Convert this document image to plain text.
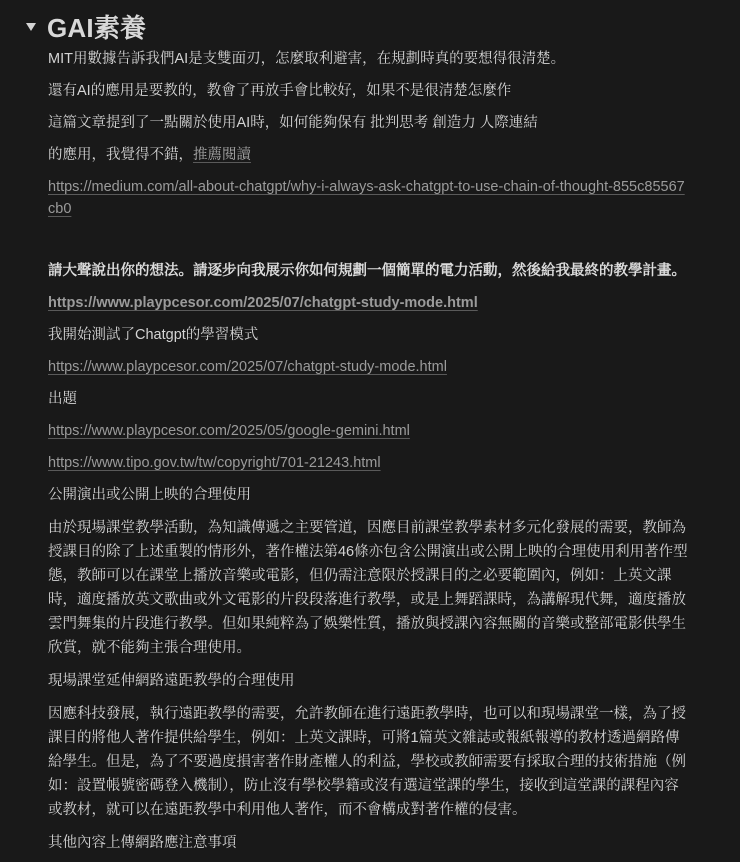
GAI素養
MIT用數據告訴我們AI是支雙面刃，怎麼取利避害，在規劃時真的要想得很清楚。
還有AI的應用是要教的，教會了再放手會比較好，如果不是很清楚怎麼作
這篇文章提到了一點關於使用AI時，如何能夠保有 批判思考 創造力 人際連結
的應用，我覺得不錯，推薦閱讀
https://medium.com/all-about-chatgpt/why-i-always-ask-chatgpt-to-use-chain-of-thought-855c85567cb0
請大聲說出你的想法。請逐步向我展示你如何規劃一個簡單的電力活動，然後給我最終的教學計畫。
https://www.playpcesor.com/2025/07/chatgpt-study-mode.html
我開始測試了Chatgpt的學習模式
https://www.playpcesor.com/2025/07/chatgpt-study-mode.html
出題
https://www.playpcesor.com/2025/05/google-gemini.html
https://www.tipo.gov.tw/tw/copyright/701-21243.html
公開演出或公開上映的合理使用
由於現場課堂教學活動，為知識傳遞之主要管道，因應目前課堂教學素材多元化發展的需要，教師為授課目的除了上述重製的情形外，著作權法第46條亦包含公開演出或公開上映的合理使用利用著作型態，教師可以在課堂上播放音樂或電影，但仍需注意限於授課目的之必要範圍內，例如：上英文課時，適度播放英文歌曲或外文電影的片段段落進行教學，或是上舞蹈課時，為講解現代舞，適度播放雲門舞集的片段進行教學。但如果純粹為了娛樂性質，播放與授課內容無關的音樂或整部電影供學生欣賞，就不能夠主張合理使用。
現場課堂延伸網路遠距教學的合理使用
因應科技發展，執行遠距教學的需要，允許教師在進行遠距教學時，也可以和現場課堂一樣，為了授課目的將他人著作提供給學生，例如：上英文課時，可將1篇英文雜誌或報紙報導的教材透過網路傳給學生。但是，為了不要過度損害著作財產權人的利益，學校或教師需要有採取合理的技術措施（例如：設置帳號密碼登入機制），防止沒有學校學籍或沒有選這堂課的學生，接收到這堂課的課程內容或教材，就可以在遠距教學中利用他人著作，而不會構成對著作權的侵害。
其他內容上傳網路應注意事項
